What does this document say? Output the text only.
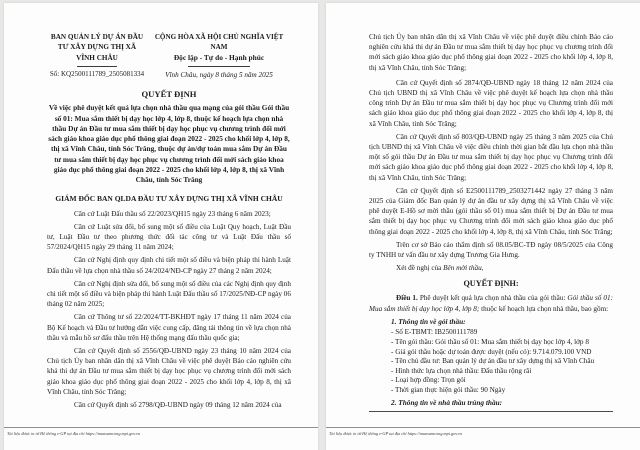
BAN QUẢN LÝ DỰ ÁN ĐẦU
TƯ XÂY DỰNG THỊ XÃ
VĨNH CHÂU
Số: KQ2500111789_2505081334
CỘNG HÒA XÃ HỘI CHỦ NGHĨA VIỆT NAM
Độc lập - Tự do - Hạnh phúc
Vĩnh Châu, ngày 8 tháng 5 năm 2025
QUYẾT ĐỊNH
Về việc phê duyệt kết quả lựa chọn nhà thầu qua mạng của gói thầu Gói thầu số 01: Mua sắm thiết bị dạy học lớp 4, lớp 8, thuộc kế hoạch lựa chọn nhà thầu Dự án Đầu tư mua sắm thiết bị dạy học phục vụ chương trình đổi mới sách giáo khoa giáo dục phổ thông giai đoạn 2022 - 2025 cho khối lớp 4, lớp 8, thị xã Vĩnh Châu, tỉnh Sóc Trăng, thuộc dự án/dự toán mua sắm Dự án Đầu tư mua sắm thiết bị dạy học phục vụ chương trình đổi mới sách giáo khoa giáo dục phổ thông giai đoạn 2022 - 2025 cho khối lớp 4, lớp 8, thị xã Vĩnh Châu, tỉnh Sóc Trăng
GIÁM ĐỐC BAN QLDA ĐẦU TƯ XÂY DỰNG THỊ XÃ VĨNH CHÂU
Căn cứ Luật Đấu thầu số 22/2023/QH15 ngày 23 tháng 6 năm 2023;
Căn cứ Luật sửa đổi, bổ sung một số điều của Luật Quy hoạch, Luật Đầu tư, Luật Đầu tư theo phương thức đối tác công tư và Luật Đấu thầu số 57/2024/QH15 ngày 29 tháng 11 năm 2024;
Căn cứ Nghị định quy định chi tiết một số điều và biện pháp thi hành Luật Đấu thầu về lựa chọn nhà thầu số 24/2024/NĐ-CP ngày 27 tháng 2 năm 2024;
Căn cứ Nghị định sửa đổi, bổ sung một số điều của các Nghị định quy định chi tiết một số điều và biện pháp thi hành Luật Đấu thầu số 17/2025/NĐ-CP ngày 06 tháng 02 năm 2025;
Căn cứ Thông tư số 22/2024/TT-BKHĐT ngày 17 tháng 11 năm 2024 của Bộ Kế hoạch và Đầu tư hướng dẫn việc cung cấp, đăng tải thông tin về lựa chọn nhà thầu và mẫu hồ sơ đấu thầu trên Hệ thống mạng đấu thầu quốc gia;
Căn cứ Quyết định số 2556/QĐ-UBND ngày 23 tháng 10 năm 2024 của Chủ tịch Ủy ban nhân dân thị xã Vĩnh Châu về việc phê duyệt Báo cáo nghiên cứu khả thi dự án Đầu tư mua sắm thiết bị dạy học phục vụ chương trình đổi mới sách giáo khoa giáo dục phổ thông giai đoạn 2022 - 2025 cho khối lớp 4, lớp 8, thị xã Vĩnh Châu, tỉnh Sóc Trăng;
Căn cứ Quyết định số 2798/QĐ-UBND ngày 09 tháng 12 năm 2024 của
Tài liệu được in từ Hệ thống e-GP tại địa chỉ https://muasamcong.mpi.gov.vn
Chủ tịch Ủy ban nhân dân thị xã Vĩnh Châu về việc phê duyệt điều chỉnh Báo cáo nghiên cứu khả thi dự án Đầu tư mua sắm thiết bị dạy học phục vụ chương trình đổi mới sách giáo khoa giáo dục phổ thông giai đoạn 2022 - 2025 cho khối lớp 4, lớp 8, thị xã Vĩnh Châu, tỉnh Sóc Trăng;
Căn cứ Quyết định số 2874/QĐ-UBND ngày 18 tháng 12 năm 2024 của Chủ tịch UBND thị xã Vĩnh Châu về việc phê duyệt kế hoạch lựa chọn nhà thầu công trình Dự án Đầu tư mua sắm thiết bị dạy học phục vụ Chương trình đổi mới sách giáo khoa giáo dục phổ thông giai đoạn 2022 - 2025 cho khối lớp 4, lớp 8, thị xã Vĩnh Châu, tỉnh Sóc Trăng;
Căn cứ Quyết định số 803/QĐ-UBND ngày 25 tháng 3 năm 2025 của Chủ tịch UBND thị xã Vĩnh Châu về việc điều chỉnh thời gian bắt đầu lựa chọn nhà thầu một số gói thầu Dự án Đầu tư mua sắm thiết bị dạy học phục vụ Chương trình đổi mới sách giáo khoa giáo dục phổ thông giai đoạn 2022 - 2025 cho khối lớp 4, lớp 8, thị xã Vĩnh Châu, tỉnh Sóc Trăng;
Căn cứ Quyết định số E2500111789_2503271442 ngày 27 tháng 3 năm 2025 của Giám đốc Ban quản lý dự án đầu tư xây dựng thị xã Vĩnh Châu về việc phê duyệt E-Hồ sơ mời thầu (gói thầu số 01) mua sắm thiết bị Dự án Đầu tư mua sắm thiết bị dạy học phục vụ Chương trình đổi mới sách giáo khoa giáo dục phổ thông giai đoạn 2022 - 2025 cho khối lớp 4, lớp 8, thị xã Vĩnh Châu, tỉnh Sóc Trăng;
Trên cơ sở Báo cáo thẩm định số 08.05/BC-TĐ ngày 08/5/2025 của Công ty TNHH tư vấn đầu tư xây dựng Trương Gia Hưng.
Xét đề nghị của Bên mời thầu,
QUYẾT ĐỊNH:
Điều 1. Phê duyệt kết quả lựa chọn nhà thầu của gói thầu: Gói thầu số 01: Mua sắm thiết bị dạy học lớp 4, lớp 8; thuộc kế hoạch lựa chọn nhà thầu, bao gồm:
1. Thông tin về gói thầu:
- Số E-TBMT: IB2500111789
- Tên gói thầu: Gói thầu số 01: Mua sắm thiết bị dạy học lớp 4, lớp 8
- Giá gói thầu hoặc dự toán được duyệt (nếu có): 9.714.079.100 VND
- Tên chủ đầu tư: Ban quản lý dự án đầu tư xây dựng thị xã Vĩnh Châu
- Hình thức lựa chọn nhà thầu: Đấu thầu rộng rãi
- Loại hợp đồng: Trọn gói
- Thời gian thực hiện gói thầu: 90 Ngày
2. Thông tin về nhà thầu trúng thầu:
Tài liệu được in từ Hệ thống e-GP tại địa chỉ https://muasamcong.mpi.gov.vn
